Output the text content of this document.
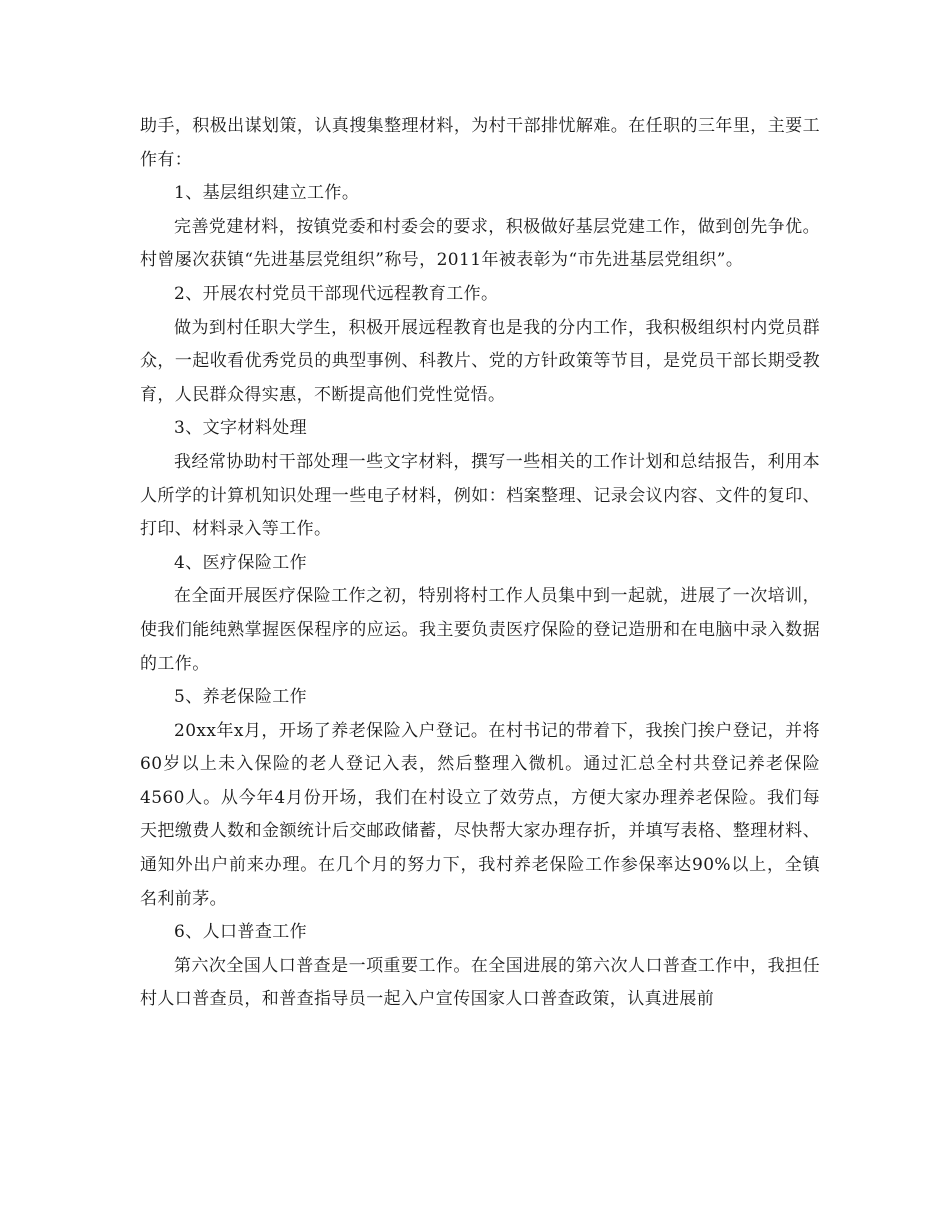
助手，积极出谋划策，认真搜集整理材料，为村干部排忧解难。在任职的三年里，主要工作有：

1、基层组织建立工作。

完善党建材料，按镇党委和村委会的要求，积极做好基层党建工作，做到创先争优。村曾屡次获镇“先进基层党组织”称号，2011年被表彰为“市先进基层党组织”。

2、开展农村党员干部现代远程教育工作。

做为到村任职大学生，积极开展远程教育也是我的分内工作，我积极组织村内党员群众，一起收看优秀党员的典型事例、科教片、党的方针政策等节目，是党员干部长期受教育，人民群众得实惠，不断提高他们党性觉悟。

3、文字材料处理

我经常协助村干部处理一些文字材料，撰写一些相关的工作计划和总结报告，利用本人所学的计算机知识处理一些电子材料，例如：档案整理、记录会议内容、文件的复印、打印、材料录入等工作。

4、医疗保险工作

在全面开展医疗保险工作之初，特别将村工作人员集中到一起就，进展了一次培训，使我们能纯熟掌握医保程序的应运。我主要负责医疗保险的登记造册和在电脑中录入数据的工作。

5、养老保险工作

20xx年x月，开场了养老保险入户登记。在村书记的带着下，我挨门挨户登记，并将60岁以上未入保险的老人登记入表，然后整理入微机。通过汇总全村共登记养老保险4560人。从今年4月份开场，我们在村设立了效劳点，方便大家办理养老保险。我们每天把缴费人数和金额统计后交邮政储蓄，尽快帮大家办理存折，并填写表格、整理材料、通知外出户前来办理。在几个月的努力下，我村养老保险工作参保率达90%以上，全镇名利前茅。

6、人口普查工作

第六次全国人口普查是一项重要工作。在全国进展的第六次人口普查工作中，我担任村人口普查员，和普查指导员一起入户宣传国家人口普查政策，认真进展前
